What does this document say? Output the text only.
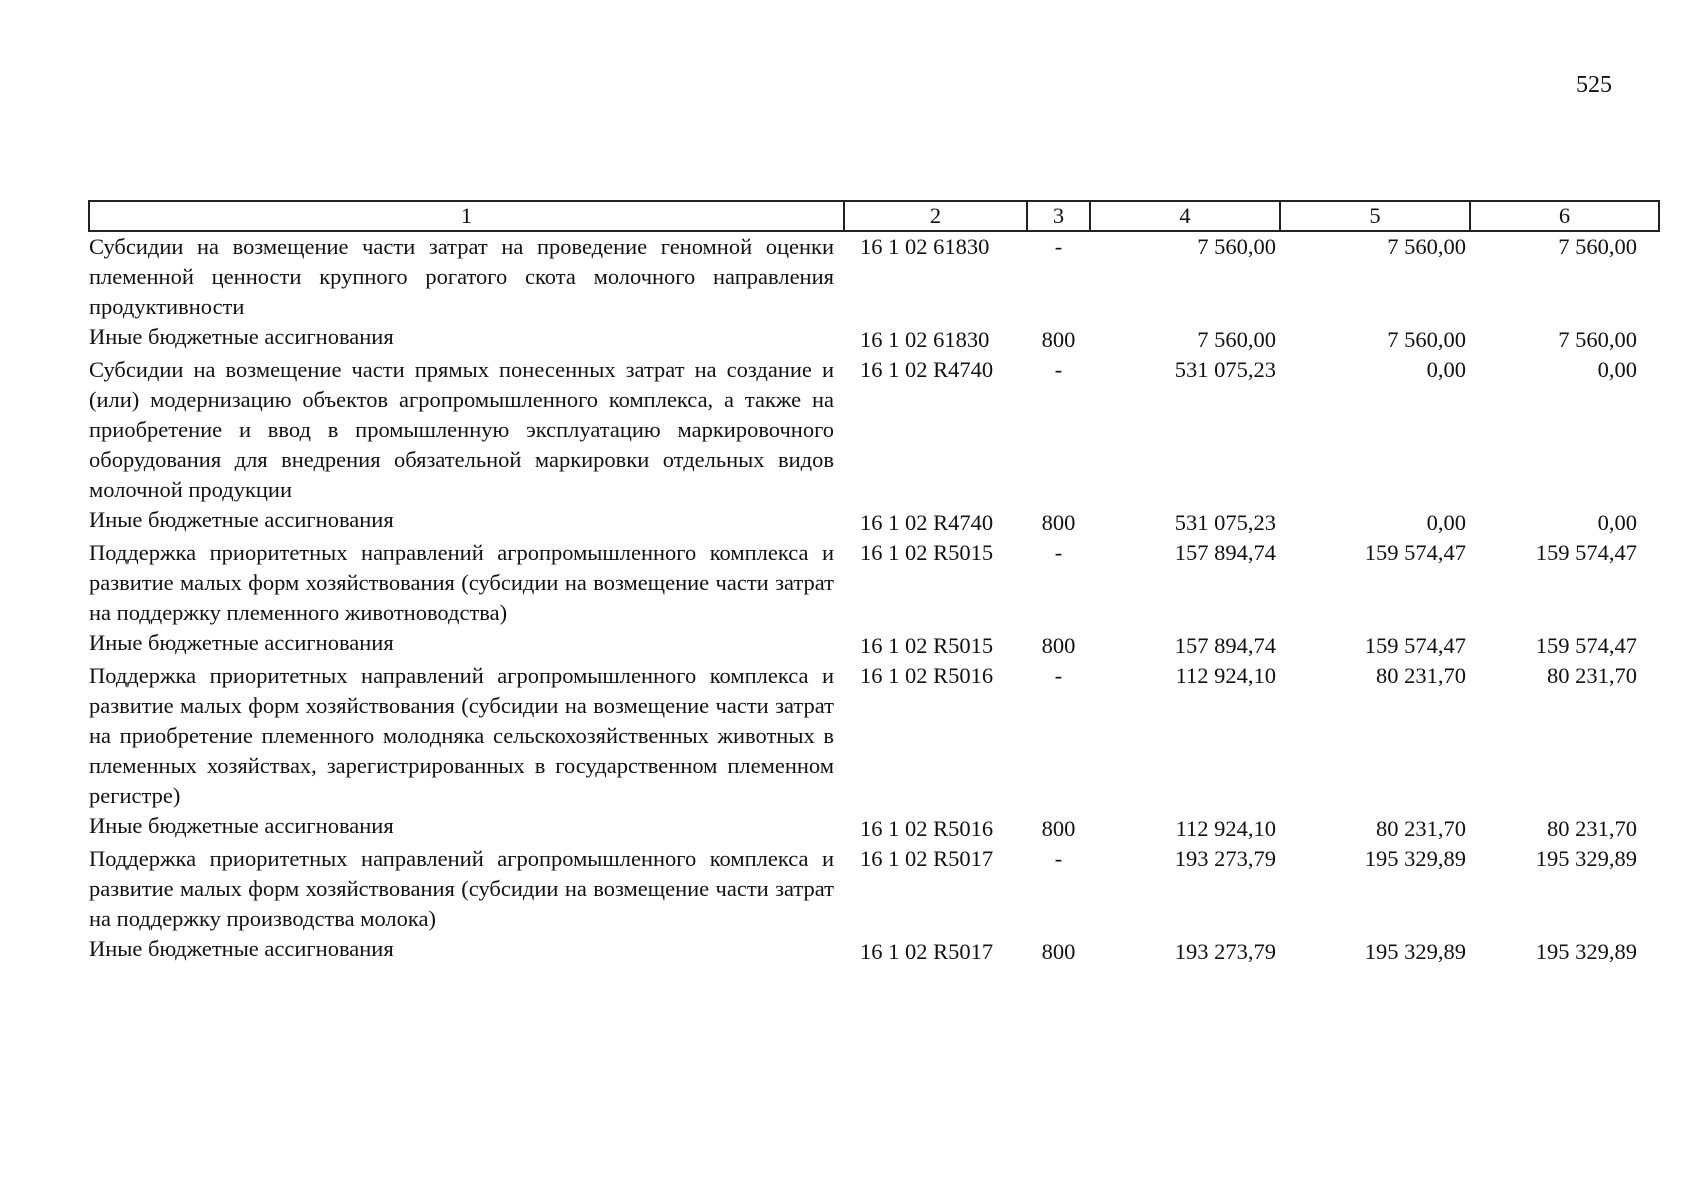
525
1	2	3	4	5	6
Субсидии на возмещение части затрат на проведение геномной оценки племенной ценности крупного рогатого скота молочного направления продуктивности	16 1 02 61830	-	7 560,00	7 560,00	7 560,00
Иные бюджетные ассигнования	16 1 02 61830	800	7 560,00	7 560,00	7 560,00
Субсидии на возмещение части прямых понесенных затрат на создание и (или) модернизацию объектов агропромышленного комплекса, а также на приобретение и ввод в промышленную эксплуатацию маркировочного оборудования для внедрения обязательной маркировки отдельных видов молочной продукции	16 1 02 R4740	-	531 075,23	0,00	0,00
Иные бюджетные ассигнования	16 1 02 R4740	800	531 075,23	0,00	0,00
Поддержка приоритетных направлений агропромышленного комплекса и развитие малых форм хозяйствования (субсидии на возмещение части затрат на поддержку племенного животноводства)	16 1 02 R5015	-	157 894,74	159 574,47	159 574,47
Иные бюджетные ассигнования	16 1 02 R5015	800	157 894,74	159 574,47	159 574,47
Поддержка приоритетных направлений агропромышленного комплекса и развитие малых форм хозяйствования (субсидии на возмещение части затрат на приобретение племенного молодняка сельскохозяйственных животных в племенных хозяйствах, зарегистрированных в государственном племенном регистре)	16 1 02 R5016	-	112 924,10	80 231,70	80 231,70
Иные бюджетные ассигнования	16 1 02 R5016	800	112 924,10	80 231,70	80 231,70
Поддержка приоритетных направлений агропромышленного комплекса и развитие малых форм хозяйствования (субсидии на возмещение части затрат на поддержку производства молока)	16 1 02 R5017	-	193 273,79	195 329,89	195 329,89
Иные бюджетные ассигнования	16 1 02 R5017	800	193 273,79	195 329,89	195 329,89
